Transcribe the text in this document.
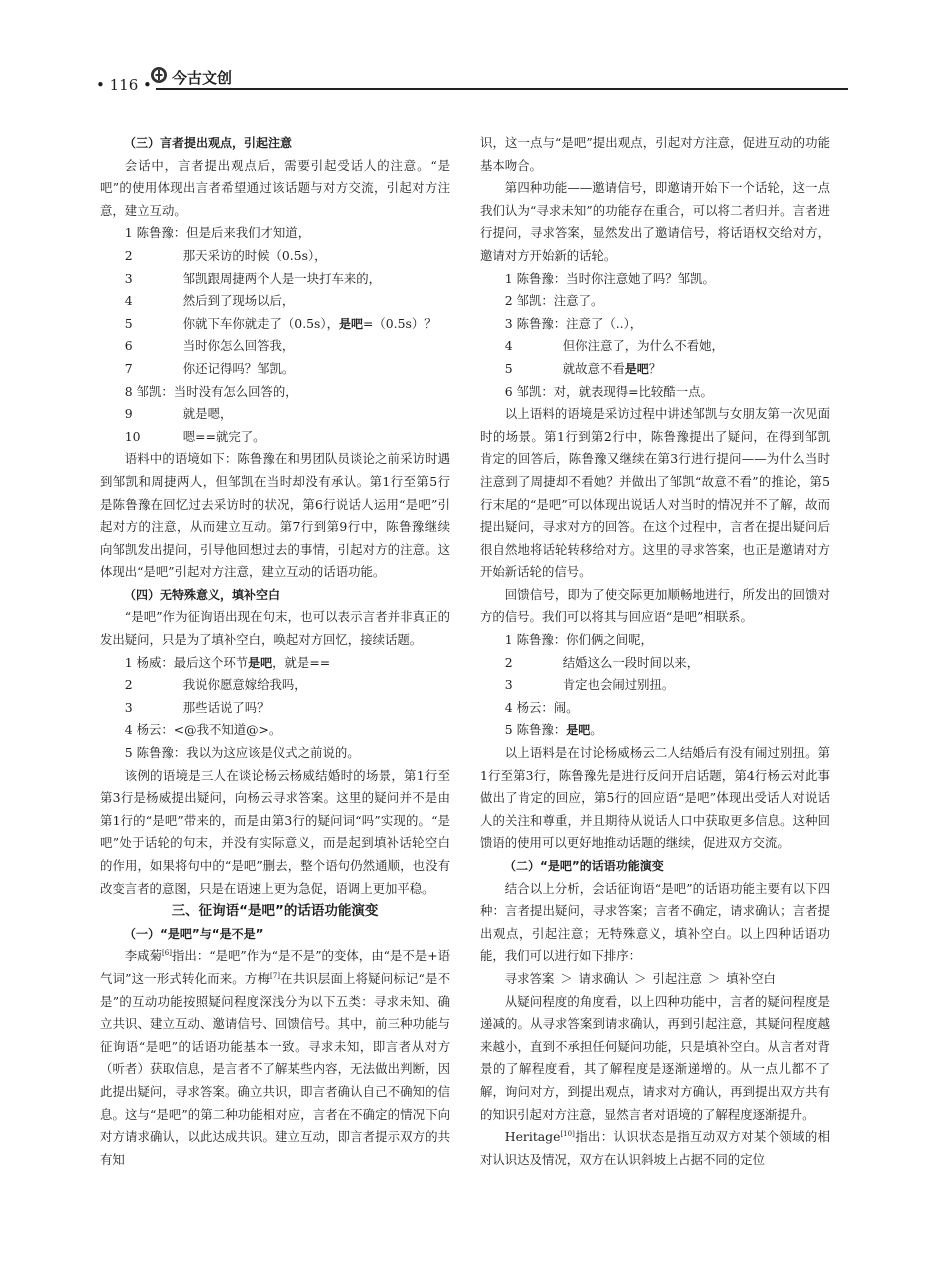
• 116 • 今古文创

（三）言者提出观点，引起注意

会话中，言者提出观点后，需要引起受话人的注意。“是吧”的使用体现出言者希望通过该话题与对方交流，引起对方注意，建立互动。

1 陈鲁豫：但是后来我们才知道，

2	那天采访的时候（0.5s），

3	邹凯跟周捷两个人是一块打车来的，

4	然后到了现场以后，

5	你就下车你就走了（0.5s），是吧=（0.5s）？

6	当时你怎么回答我，

7	你还记得吗？邹凯。

8 邹凯：当时没有怎么回答的，

9	就是嗯，

10	嗯==就完了。

语料中的语境如下：陈鲁豫在和男团队员谈论之前采访时遇到邹凯和周捷两人，但邹凯在当时却没有承认。第1行至第5行是陈鲁豫在回忆过去采访时的状况，第6行说话人运用“是吧”引起对方的注意，从而建立互动。第7行到第9行中，陈鲁豫继续向邹凯发出提问，引导他回想过去的事情，引起对方的注意。这体现出“是吧”引起对方注意，建立互动的话语功能。

（四）无特殊意义，填补空白

“是吧”作为征询语出现在句末，也可以表示言者并非真正的发出疑问，只是为了填补空白，唤起对方回忆，接续话题。

1 杨威：最后这个环节是吧，就是==

2	我说你愿意嫁给我吗，

3	那些话说了吗？

4 杨云：<@我不知道@>。

5 陈鲁豫：我以为这应该是仪式之前说的。

该例的语境是三人在谈论杨云杨威结婚时的场景，第1行至第3行是杨威提出疑问，向杨云寻求答案。这里的疑问并不是由第1行的“是吧”带来的，而是由第3行的疑问词“吗”实现的。“是吧”处于话轮的句末，并没有实际意义，而是起到填补话轮空白的作用，如果将句中的“是吧”删去，整个语句仍然通顺，也没有改变言者的意图，只是在语速上更为急促，语调上更加平稳。

三、征询语“是吧”的话语功能演变

（一）“是吧”与“是不是”

李咸菊[6]指出：“是吧”作为“是不是”的变体，由“是不是+语气词”这一形式转化而来。方梅[7]在共识层面上将疑问标记“是不是”的互动功能按照疑问程度深浅分为以下五类：寻求未知、确立共识、建立互动、邀请信号、回馈信号。其中，前三种功能与征询语“是吧”的话语功能基本一致。寻求未知，即言者从对方（听者）获取信息，是言者不了解某些内容，无法做出判断，因此提出疑问，寻求答案。确立共识，即言者确认自己不确知的信息。这与“是吧”的第二种功能相对应，言者在不确定的情况下向对方请求确认，以此达成共识。建立互动，即言者提示双方的共有知

识，这一点与“是吧”提出观点，引起对方注意，促进互动的功能基本吻合。

第四种功能——邀请信号，即邀请开始下一个话轮，这一点我们认为“寻求未知”的功能存在重合，可以将二者归并。言者进行提问，寻求答案，显然发出了邀请信号，将话语权交给对方，邀请对方开始新的话轮。

1 陈鲁豫：当时你注意她了吗？邹凯。

2 邹凯：注意了。

3 陈鲁豫：注意了（..），

4	但你注意了，为什么不看她，

5	就故意不看是吧？

6 邹凯：对，就表现得=比较酷一点。

以上语料的语境是采访过程中讲述邹凯与女朋友第一次见面时的场景。第1行到第2行中，陈鲁豫提出了疑问，在得到邹凯肯定的回答后，陈鲁豫又继续在第3行进行提问——为什么当时注意到了周捷却不看她？并做出了邹凯“故意不看”的推论，第5行末尾的“是吧”可以体现出说话人对当时的情况并不了解，故而提出疑问，寻求对方的回答。在这个过程中，言者在提出疑问后很自然地将话轮转移给对方。这里的寻求答案，也正是邀请对方开始新话轮的信号。

回馈信号，即为了使交际更加顺畅地进行，所发出的回馈对方的信号。我们可以将其与回应语“是吧”相联系。

1 陈鲁豫：你们俩之间呢，

2	结婚这么一段时间以来，

3	肯定也会闹过别扭。

4 杨云：闹。

5 陈鲁豫：是吧。

以上语料是在讨论杨威杨云二人结婚后有没有闹过别扭。第1行至第3行，陈鲁豫先是进行反问开启话题，第4行杨云对此事做出了肯定的回应，第5行的回应语“是吧”体现出受话人对说话人的关注和尊重，并且期待从说话人口中获取更多信息。这种回馈语的使用可以更好地推动话题的继续，促进双方交流。

（二）“是吧”的话语功能演变

结合以上分析，会话征询语“是吧”的话语功能主要有以下四种：言者提出疑问，寻求答案；言者不确定，请求确认；言者提出观点，引起注意；无特殊意义，填补空白。以上四种话语功能，我们可以进行如下排序：

寻求答案 ＞ 请求确认 ＞ 引起注意 ＞ 填补空白

从疑问程度的角度看，以上四种功能中，言者的疑问程度是递减的。从寻求答案到请求确认，再到引起注意，其疑问程度越来越小，直到不承担任何疑问功能，只是填补空白。从言者对背景的了解程度看，其了解程度是逐渐递增的。从一点儿都不了解，询问对方，到提出观点，请求对方确认，再到提出双方共有的知识引起对方注意，显然言者对语境的了解程度逐渐提升。

Heritage[10]指出：认识状态是指互动双方对某个领域的相对认识达及情况，双方在认识斜坡上占据不同的定位
